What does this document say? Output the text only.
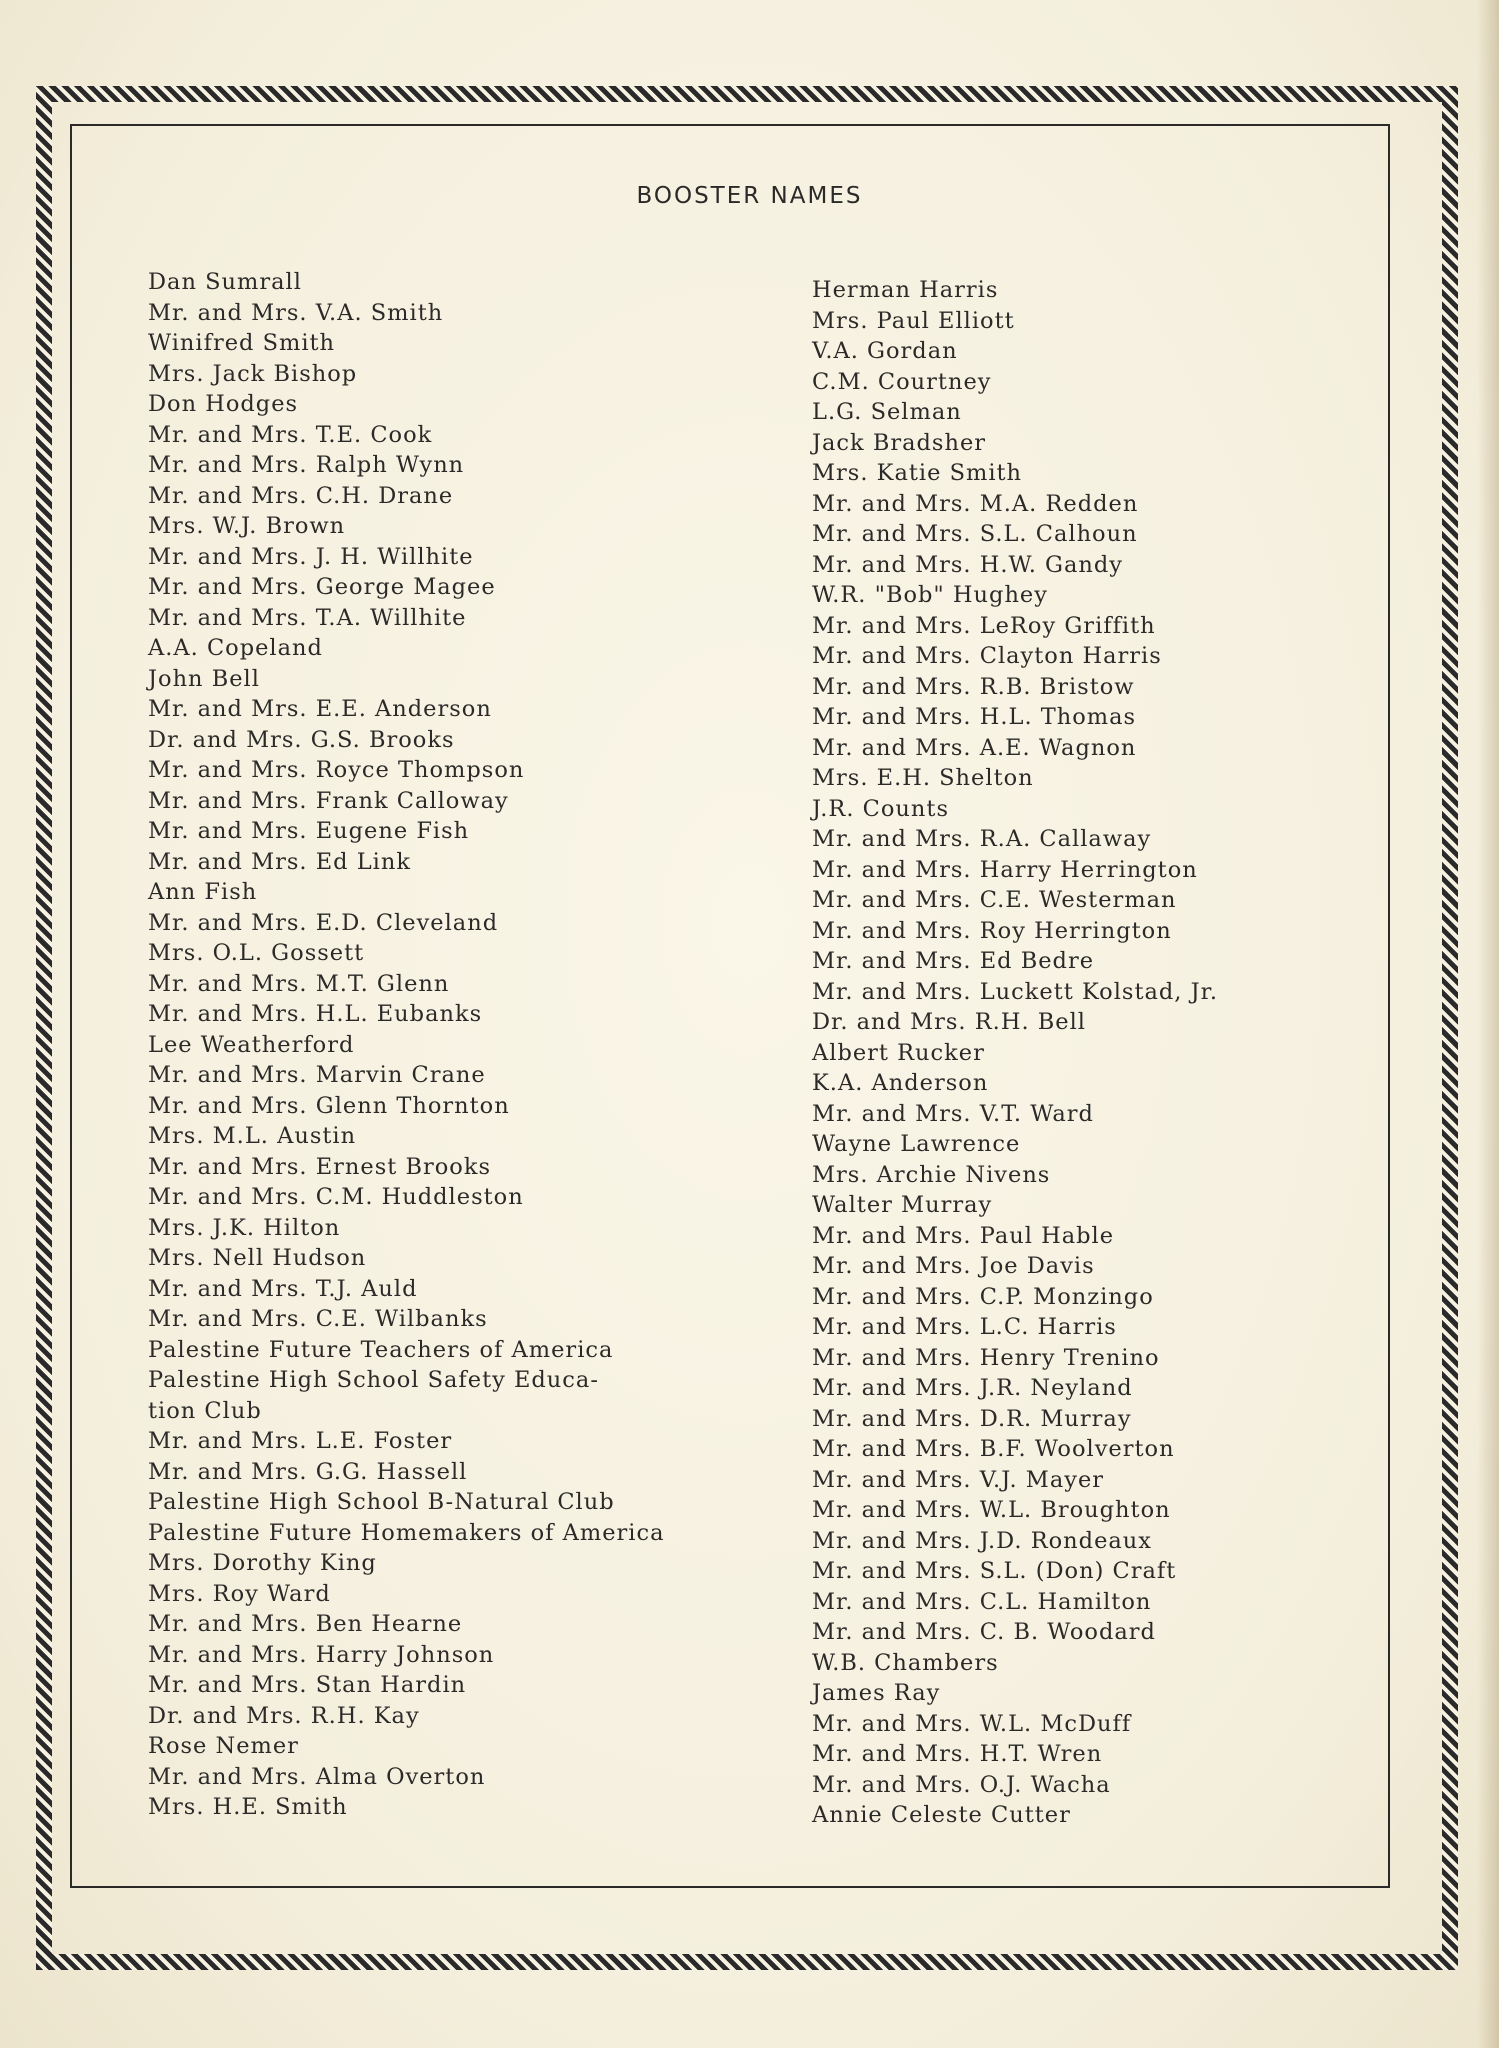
BOOSTER NAMES
Dan Sumrall
Mr. and Mrs. V.A. Smith
Winifred Smith
Mrs. Jack Bishop
Don Hodges
Mr. and Mrs. T.E. Cook
Mr. and Mrs. Ralph Wynn
Mr. and Mrs. C.H. Drane
Mrs. W.J. Brown
Mr. and Mrs. J. H. Willhite
Mr. and Mrs. George Magee
Mr. and Mrs. T.A. Willhite
A.A. Copeland
John Bell
Mr. and Mrs. E.E. Anderson
Dr. and Mrs. G.S. Brooks
Mr. and Mrs. Royce Thompson
Mr. and Mrs. Frank Calloway
Mr. and Mrs. Eugene Fish
Mr. and Mrs. Ed Link
Ann Fish
Mr. and Mrs. E.D. Cleveland
Mrs. O.L. Gossett
Mr. and Mrs. M.T. Glenn
Mr. and Mrs. H.L. Eubanks
Lee Weatherford
Mr. and Mrs. Marvin Crane
Mr. and Mrs. Glenn Thornton
Mrs. M.L. Austin
Mr. and Mrs. Ernest Brooks
Mr. and Mrs. C.M. Huddleston
Mrs. J.K. Hilton
Mrs. Nell Hudson
Mr. and Mrs. T.J. Auld
Mr. and Mrs. C.E. Wilbanks
Palestine Future Teachers of America
Palestine High School Safety Educa-
tion Club
Mr. and Mrs. L.E. Foster
Mr. and Mrs. G.G. Hassell
Palestine High School B-Natural Club
Palestine Future Homemakers of America
Mrs. Dorothy King
Mrs. Roy Ward
Mr. and Mrs. Ben Hearne
Mr. and Mrs. Harry Johnson
Mr. and Mrs. Stan Hardin
Dr. and Mrs. R.H. Kay
Rose Nemer
Mr. and Mrs. Alma Overton
Mrs. H.E. Smith
Herman Harris
Mrs. Paul Elliott
V.A. Gordan
C.M. Courtney
L.G. Selman
Jack Bradsher
Mrs. Katie Smith
Mr. and Mrs. M.A. Redden
Mr. and Mrs. S.L. Calhoun
Mr. and Mrs. H.W. Gandy
W.R. "Bob" Hughey
Mr. and Mrs. LeRoy Griffith
Mr. and Mrs. Clayton Harris
Mr. and Mrs. R.B. Bristow
Mr. and Mrs. H.L. Thomas
Mr. and Mrs. A.E. Wagnon
Mrs. E.H. Shelton
J.R. Counts
Mr. and Mrs. R.A. Callaway
Mr. and Mrs. Harry Herrington
Mr. and Mrs. C.E. Westerman
Mr. and Mrs. Roy Herrington
Mr. and Mrs. Ed Bedre
Mr. and Mrs. Luckett Kolstad, Jr.
Dr. and Mrs. R.H. Bell
Albert Rucker
K.A. Anderson
Mr. and Mrs. V.T. Ward
Wayne Lawrence
Mrs. Archie Nivens
Walter Murray
Mr. and Mrs. Paul Hable
Mr. and Mrs. Joe Davis
Mr. and Mrs. C.P. Monzingo
Mr. and Mrs. L.C. Harris
Mr. and Mrs. Henry Trenino
Mr. and Mrs. J.R. Neyland
Mr. and Mrs. D.R. Murray
Mr. and Mrs. B.F. Woolverton
Mr. and Mrs. V.J. Mayer
Mr. and Mrs. W.L. Broughton
Mr. and Mrs. J.D. Rondeaux
Mr. and Mrs. S.L. (Don) Craft
Mr. and Mrs. C.L. Hamilton
Mr. and Mrs. C. B. Woodard
W.B. Chambers
James Ray
Mr. and Mrs. W.L. McDuff
Mr. and Mrs. H.T. Wren
Mr. and Mrs. O.J. Wacha
Annie Celeste Cutter
